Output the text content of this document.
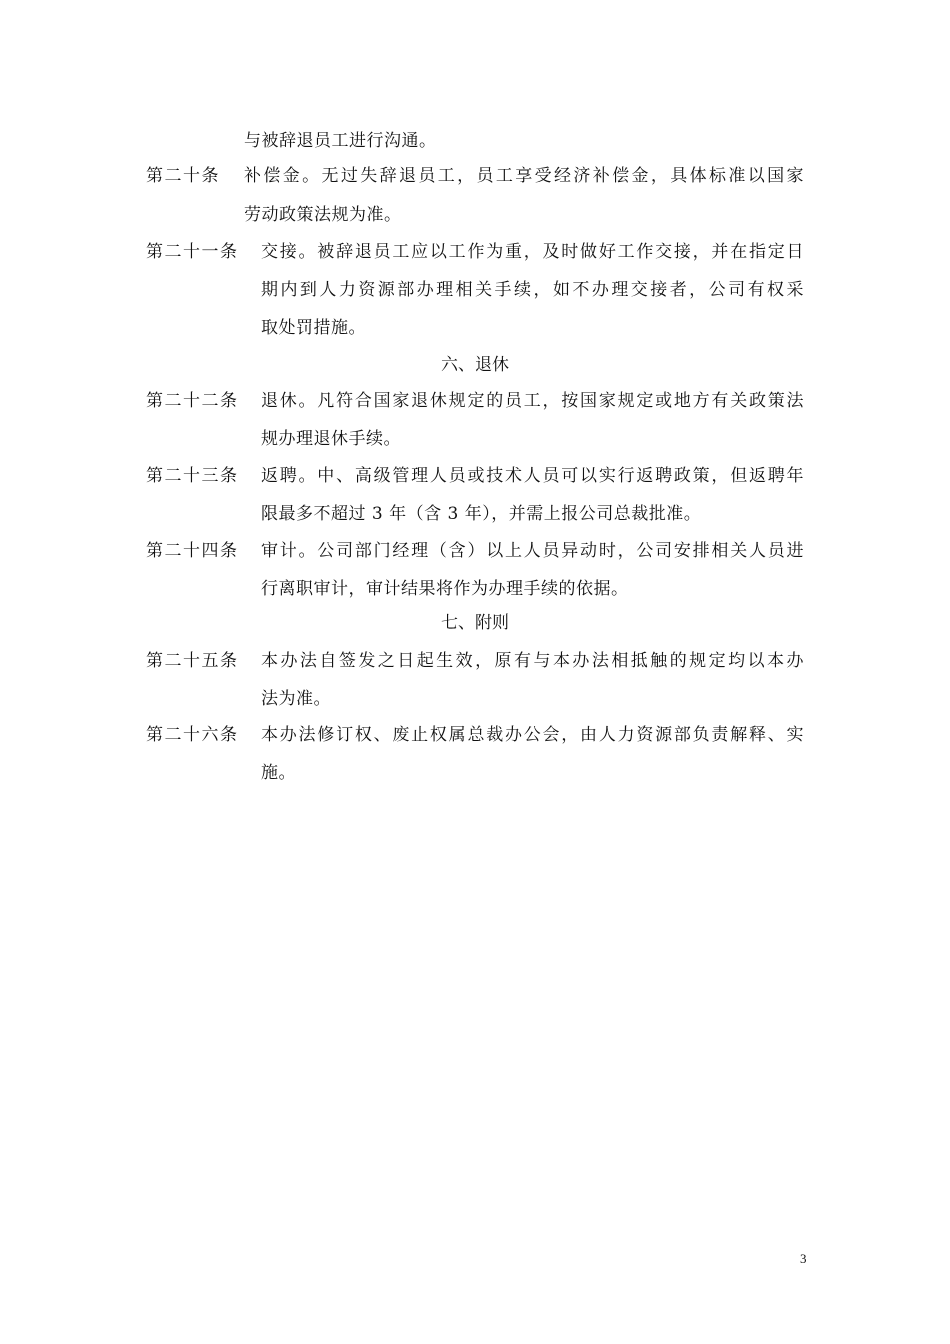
与被辞退员工进行沟通。
第二十条 补偿金。无过失辞退员工，员工享受经济补偿金，具体标准以国家
劳动政策法规为准。
第二十一条 交接。被辞退员工应以工作为重，及时做好工作交接，并在指定日
期内到人力资源部办理相关手续，如不办理交接者，公司有权采
取处罚措施。
六、退休
第二十二条 退休。凡符合国家退休规定的员工，按国家规定或地方有关政策法
规办理退休手续。
第二十三条 返聘。中、高级管理人员或技术人员可以实行返聘政策，但返聘年
限最多不超过 3 年（含 3 年），并需上报公司总裁批准。
第二十四条 审计。公司部门经理（含）以上人员异动时，公司安排相关人员进
行离职审计，审计结果将作为办理手续的依据。
七、附则
第二十五条 本办法自签发之日起生效，原有与本办法相抵触的规定均以本办
法为准。
第二十六条 本办法修订权、废止权属总裁办公会，由人力资源部负责解释、实
施。
3
